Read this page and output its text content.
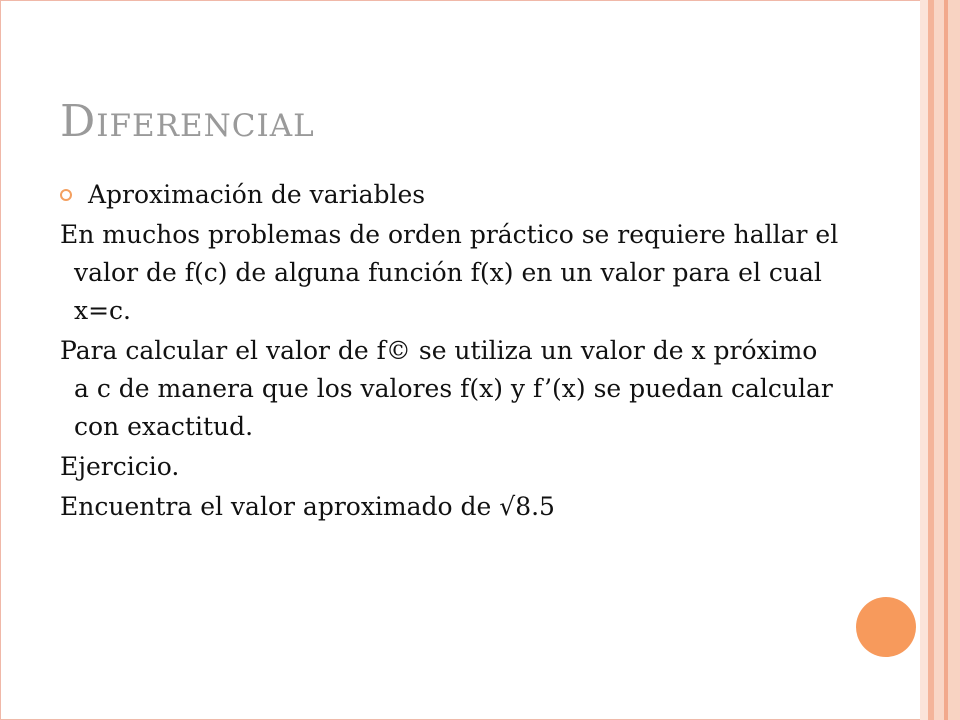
Diferencial
Aproximación de variables
En muchos problemas de orden práctico se requiere hallar el valor de f(c) de alguna función f(x) en un valor para el cual x=c.
Para calcular el valor de f© se utiliza un valor de x próximo a c de manera que los valores f(x) y f’(x) se puedan calcular con exactitud.
Ejercicio.
Encuentra el valor aproximado de √8.5
